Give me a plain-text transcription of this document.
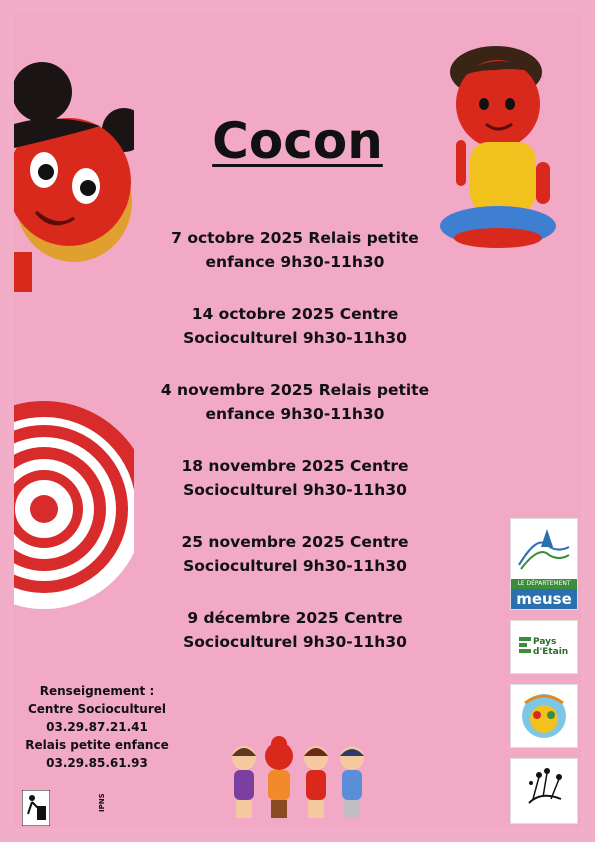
IPNS
Cocon
7 octobre 2025 Relais petite
enfance 9h30-11h30
14 octobre 2025 Centre
Socioculturel 9h30-11h30
4 novembre 2025 Relais petite
enfance 9h30-11h30
18 novembre 2025 Centre
Socioculturel 9h30-11h30
25 novembre 2025 Centre
Socioculturel 9h30-11h30
9 décembre 2025 Centre
Socioculturel 9h30-11h30
Renseignement :
Centre Socioculturel
03.29.87.21.41
Relais petite enfance
03.29.85.61.93
LE DÉPARTEMENT
meuse
Pays
d'Etain
